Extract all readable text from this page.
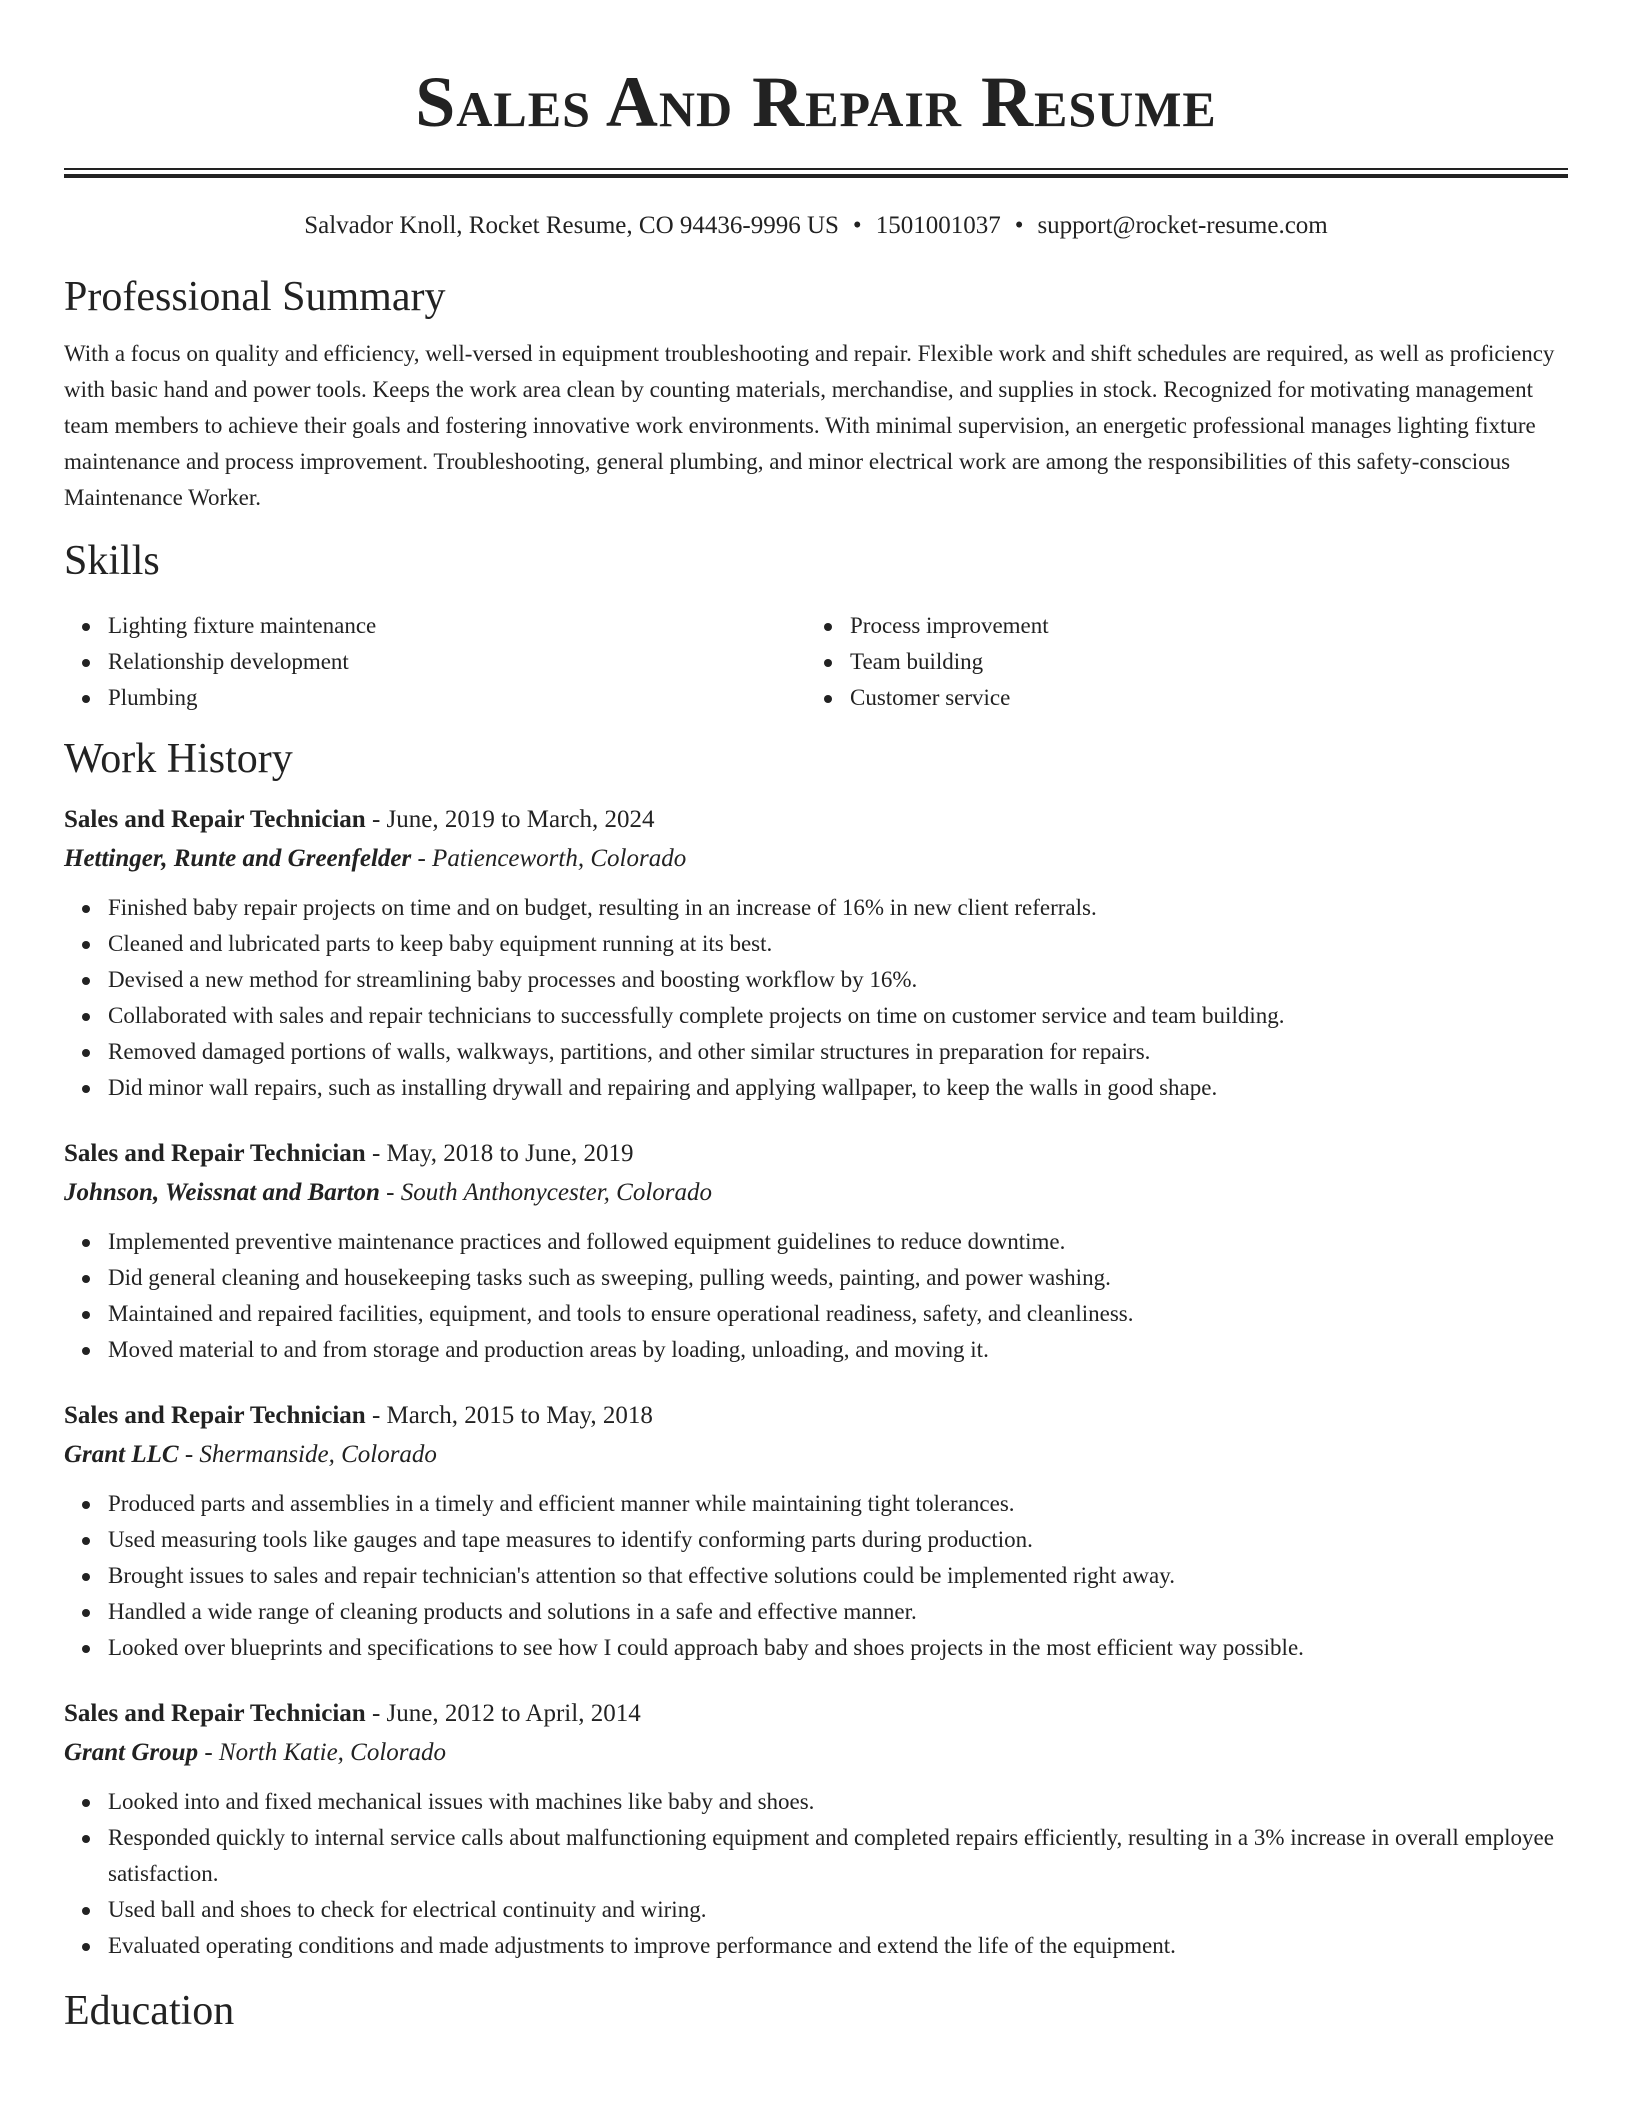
Sales And Repair Resume
Salvador Knoll, Rocket Resume, CO 94436-9996 US • 1501001037 • support@rocket-resume.com
Professional Summary

With a focus on quality and efficiency, well-versed in equipment troubleshooting and repair. Flexible work and shift schedules are required, as well as proficiency with basic hand and power tools. Keeps the work area clean by counting materials, merchandise, and supplies in stock. Recognized for motivating management team members to achieve their goals and fostering innovative work environments. With minimal supervision, an energetic professional manages lighting fixture maintenance and process improvement. Troubleshooting, general plumbing, and minor electrical work are among the responsibilities of this safety-conscious Maintenance Worker.

Skills
Lighting fixture maintenance
Relationship development
Plumbing
Process improvement
Team building
Customer service
Work History
Sales and Repair Technician - June, 2019 to March, 2024
Hettinger, Runte and Greenfelder - Patienceworth, Colorado
Finished baby repair projects on time and on budget, resulting in an increase of 16% in new client referrals.
Cleaned and lubricated parts to keep baby equipment running at its best.
Devised a new method for streamlining baby processes and boosting workflow by 16%.
Collaborated with sales and repair technicians to successfully complete projects on time on customer service and team building.
Removed damaged portions of walls, walkways, partitions, and other similar structures in preparation for repairs.
Did minor wall repairs, such as installing drywall and repairing and applying wallpaper, to keep the walls in good shape.
Sales and Repair Technician - May, 2018 to June, 2019
Johnson, Weissnat and Barton - South Anthonycester, Colorado
Implemented preventive maintenance practices and followed equipment guidelines to reduce downtime.
Did general cleaning and housekeeping tasks such as sweeping, pulling weeds, painting, and power washing.
Maintained and repaired facilities, equipment, and tools to ensure operational readiness, safety, and cleanliness.
Moved material to and from storage and production areas by loading, unloading, and moving it.
Sales and Repair Technician - March, 2015 to May, 2018
Grant LLC - Shermanside, Colorado
Produced parts and assemblies in a timely and efficient manner while maintaining tight tolerances.
Used measuring tools like gauges and tape measures to identify conforming parts during production.
Brought issues to sales and repair technician's attention so that effective solutions could be implemented right away.
Handled a wide range of cleaning products and solutions in a safe and effective manner.
Looked over blueprints and specifications to see how I could approach baby and shoes projects in the most efficient way possible.
Sales and Repair Technician - June, 2012 to April, 2014
Grant Group - North Katie, Colorado
Looked into and fixed mechanical issues with machines like baby and shoes.
Responded quickly to internal service calls about malfunctioning equipment and completed repairs efficiently, resulting in a 3% increase in overall employee satisfaction.
Used ball and shoes to check for electrical continuity and wiring.
Evaluated operating conditions and made adjustments to improve performance and extend the life of the equipment.
Education
